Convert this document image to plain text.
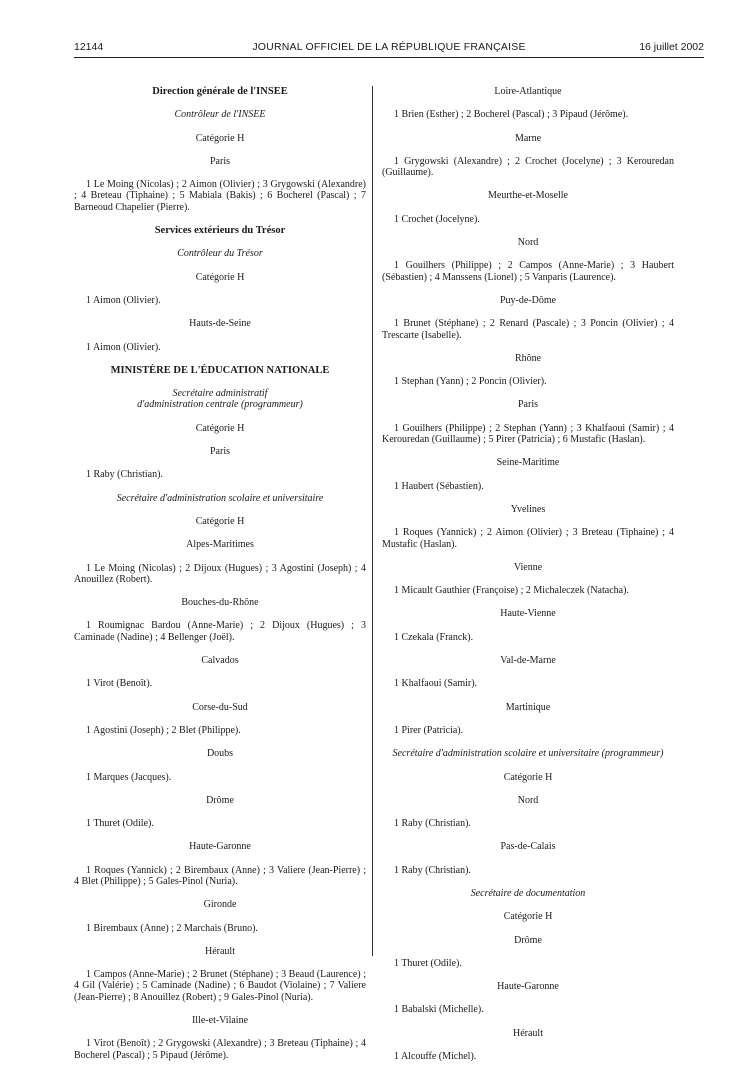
12144	JOURNAL OFFICIEL DE LA RÉPUBLIQUE FRANÇAISE	16 juillet 2002
Direction générale de l'INSEE
Contrôleur de l'INSEE
Catégorie H
Paris
1 Le Moing (Nicolas) ; 2 Aimon (Olivier) ; 3 Grygowski (Alexandre) ; 4 Breteau (Tiphaine) ; 5 Mabiala (Bakis) ; 6 Bocherel (Pascal) ; 7 Barneoud Chapelier (Pierre).
Services extérieurs du Trésor
Contrôleur du Trésor
Catégorie H
1 Aimon (Olivier).
Hauts-de-Seine
1 Aimon (Olivier).
MINISTÈRE DE L'ÉDUCATION NATIONALE
Secrétaire administratif
d'administration centrale (programmeur)
Catégorie H
Paris
1 Raby (Christian).
Secrétaire d'administration scolaire et universitaire
Catégorie H
Alpes-Maritimes
1 Le Moing (Nicolas) ; 2 Dijoux (Hugues) ; 3 Agostini (Joseph) ; 4 Anouillez (Robert).
Bouches-du-Rhône
1 Roumignac Bardou (Anne-Marie) ; 2 Dijoux (Hugues) ; 3 Caminade (Nadine) ; 4 Bellenger (Joël).
Calvados
1 Virot (Benoît).
Corse-du-Sud
1 Agostini (Joseph) ; 2 Blet (Philippe).
Doubs
1 Marques (Jacques).
Drôme
1 Thuret (Odile).
Haute-Garonne
1 Roques (Yannick) ; 2 Birembaux (Anne) ; 3 Valiere (Jean-Pierre) ; 4 Blet (Philippe) ; 5 Gales-Pinol (Nuria).
Gironde
1 Birembaux (Anne) ; 2 Marchais (Bruno).
Hérault
1 Campos (Anne-Marie) ; 2 Brunet (Stéphane) ; 3 Beaud (Laurence) ; 4 Gil (Valérie) ; 5 Caminade (Nadine) ; 6 Baudot (Violaine) ; 7 Valiere (Jean-Pierre) ; 8 Anouillez (Robert) ; 9 Gales-Pinol (Nuria).
Ille-et-Vilaine
1 Virot (Benoît) ; 2 Grygowski (Alexandre) ; 3 Breteau (Tiphaine) ; 4 Bocherel (Pascal) ; 5 Pipaud (Jérôme).
Loire-Atlantique
1 Brien (Esther) ; 2 Bocherel (Pascal) ; 3 Pipaud (Jérôme).
Marne
1 Grygowski (Alexandre) ; 2 Crochet (Jocelyne) ; 3 Kerouredan (Guillaume).
Meurthe-et-Moselle
1 Crochet (Jocelyne).
Nord
1 Gouilhers (Philippe) ; 2 Campos (Anne-Marie) ; 3 Haubert (Sébastien) ; 4 Manssens (Lionel) ; 5 Vanparis (Laurence).
Puy-de-Dôme
1 Brunet (Stéphane) ; 2 Renard (Pascale) ; 3 Poncin (Olivier) ; 4 Trescarte (Isabelle).
Rhône
1 Stephan (Yann) ; 2 Poncin (Olivier).
Paris
1 Gouilhers (Philippe) ; 2 Stephan (Yann) ; 3 Khalfaoui (Samir) ; 4 Kerouredan (Guillaume) ; 5 Pirer (Patricia) ; 6 Mustafic (Haslan).
Seine-Maritime
1 Haubert (Sébastien).
Yvelines
1 Roques (Yannick) ; 2 Aimon (Olivier) ; 3 Breteau (Tiphaine) ; 4 Mustafic (Haslan).
Vienne
1 Micault Gauthier (Françoise) ; 2 Michaleczek (Natacha).
Haute-Vienne
1 Czekala (Franck).
Val-de-Marne
1 Khalfaoui (Samir).
Martinique
1 Pirer (Patricia).
Secrétaire d'administration scolaire et universitaire (programmeur)
Catégorie H
Nord
1 Raby (Christian).
Pas-de-Calais
1 Raby (Christian).
Secrétaire de documentation
Catégorie H
Drôme
1 Thuret (Odile).
Haute-Garonne
1 Babalski (Michelle).
Hérault
1 Alcouffe (Michel).
